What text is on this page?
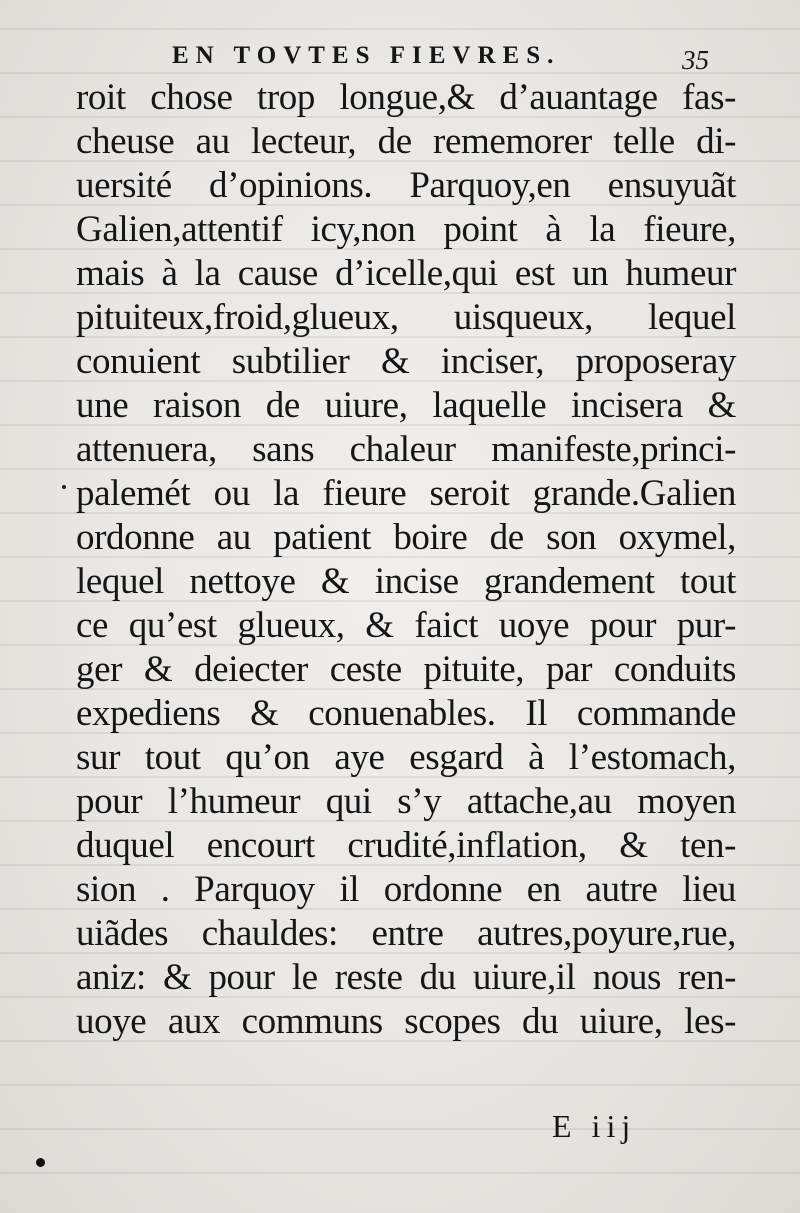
EN TOVTES FIEVRES.	35
roit chose trop longue,& d’auantage fas-
cheuse au lecteur, de rememorer telle di-
uersité d’opinions. Parquoy,en ensuyuãt
Galien,attentif icy,non point à la fieure,
mais à la cause d’icelle,qui est un humeur
pituiteux,froid,glueux, uisqueux, lequel
conuient subtilier & inciser, proposeray
une raison de uiure, laquelle incisera &
attenuera, sans chaleur manifeste,princi-
palemét ou la fieure seroit grande.Galien
ordonne au patient boire de son oxymel,
lequel nettoye & incise grandement tout
ce qu’est glueux, & faict uoye pour pur-
ger & deiecter ceste pituite, par conduits
expediens & conuenables. Il commande
sur tout qu’on aye esgard à l’estomach,
pour l’humeur qui s’y attache,au moyen
duquel encourt crudité,inflation, & ten-
sion . Parquoy il ordonne en autre lieu
uiãdes chauldes: entre autres,poyure,rue,
aniz: & pour le reste du uiure,il nous ren-
uoye aux communs scopes du uiure, les-
E iij
